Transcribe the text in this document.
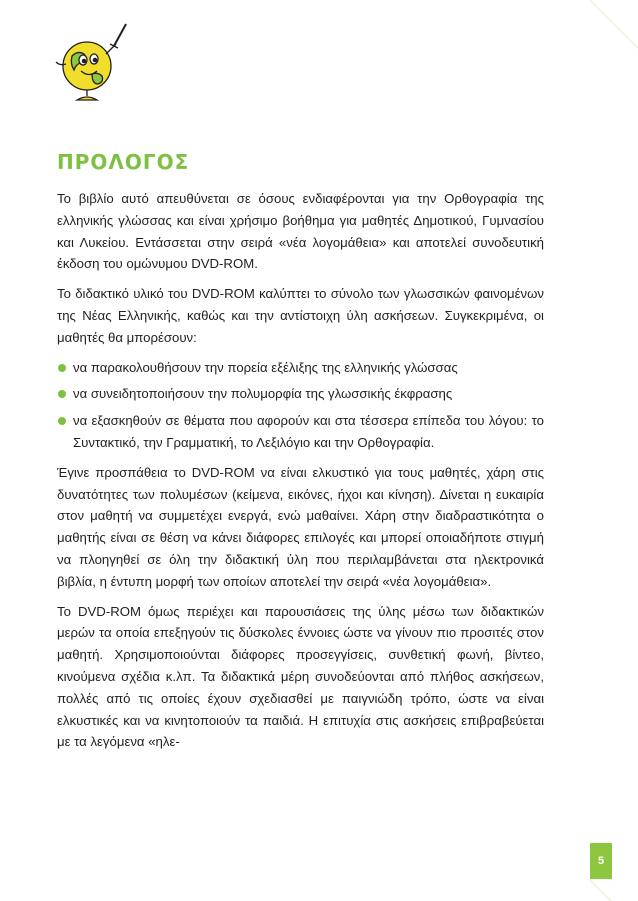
ΠΡΟΛΟΓΟΣ

Το βιβλίο αυτό απευθύνεται σε όσους ενδιαφέρονται για την Ορθογραφία της ελληνικής γλώσσας και είναι χρήσιμο βοήθημα για μαθητές Δημοτικού, Γυμνασίου και Λυκείου. Εντάσσεται στην σειρά «νέα λογομάθεια» και αποτελεί συνοδευτική έκδοση του ομώνυμου DVD-ROM.

Το διδακτικό υλικό του DVD-ROM καλύπτει το σύνολο των γλωσσικών φαινομένων της Νέας Ελληνικής, καθώς και την αντίστοιχη ύλη ασκήσεων. Συγκεκριμένα, οι μαθητές θα μπορέσουν:

να παρακολουθήσουν την πορεία εξέλιξης της ελληνικής γλώσσας
να συνειδητοποιήσουν την πολυμορφία της γλωσσικής έκφρασης
να εξασκηθούν σε θέματα που αφορούν και στα τέσσερα επίπεδα του λόγου: το Συντακτικό, την Γραμματική, το Λεξιλόγιο και την Ορθογραφία.

Έγινε προσπάθεια το DVD-ROM να είναι ελκυστικό για τους μαθητές, χάρη στις δυνατότητες των πολυμέσων (κείμενα, εικόνες, ήχοι και κίνηση). Δίνεται η ευκαιρία στον μαθητή να συμμετέχει ενεργά, ενώ μαθαίνει. Χάρη στην διαδραστικότητα ο μαθητής είναι σε θέση να κάνει διάφορες επιλογές και μπορεί οποιαδήποτε στιγμή να πλοηγηθεί σε όλη την διδακτική ύλη που περιλαμβάνεται στα ηλεκτρονικά βιβλία, η έντυπη μορφή των οποίων αποτελεί την σειρά «νέα λογομάθεια».

Το DVD-ROM όμως περιέχει και παρουσιάσεις της ύλης μέσω των διδακτικών μερών τα οποία επεξηγούν τις δύσκολες έννοιες ώστε να γίνουν πιο προσιτές στον μαθητή. Χρησιμοποιούνται διάφορες προσεγγίσεις, συνθετική φωνή, βίντεο, κινούμενα σχέδια κ.λπ. Τα διδακτικά μέρη συνοδεύονται από πλήθος ασκήσεων, πολλές από τις οποίες έχουν σχεδιασθεί με παιγνιώδη τρόπο, ώστε να είναι ελκυστικές και να κινητοποιούν τα παιδιά. Η επιτυχία στις ασκήσεις επιβραβεύεται με τα λεγόμενα «ηλε-

5
